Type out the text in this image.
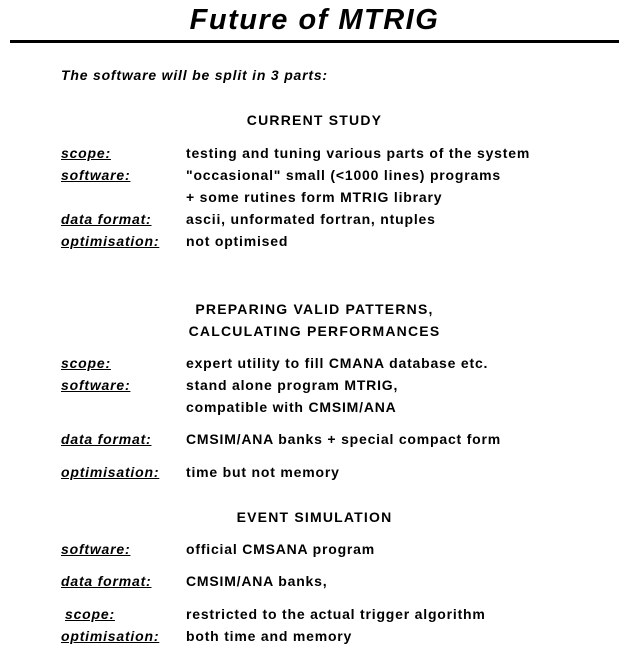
Future of MTRIG
The software will be split in 3 parts:
CURRENT STUDY
scope:	testing and tuning various parts of the system
software:	"occasional" small (<1000 lines) programs
+ some rutines form MTRIG library
data format: ascii, unformated fortran, ntuples
optimisation: not optimised
PREPARING VALID PATTERNS,
CALCULATING PERFORMANCES
scope:	expert utility to fill CMANA database etc.
software:	stand alone program MTRIG,
compatible with CMSIM/ANA
data format: CMSIM/ANA banks + special compact form
optimisation: time but not memory
EVENT SIMULATION
software:	official CMSANA program
data format: CMSIM/ANA banks,
scope:	restricted to the actual trigger algorithm
optimisation: both time and memory
